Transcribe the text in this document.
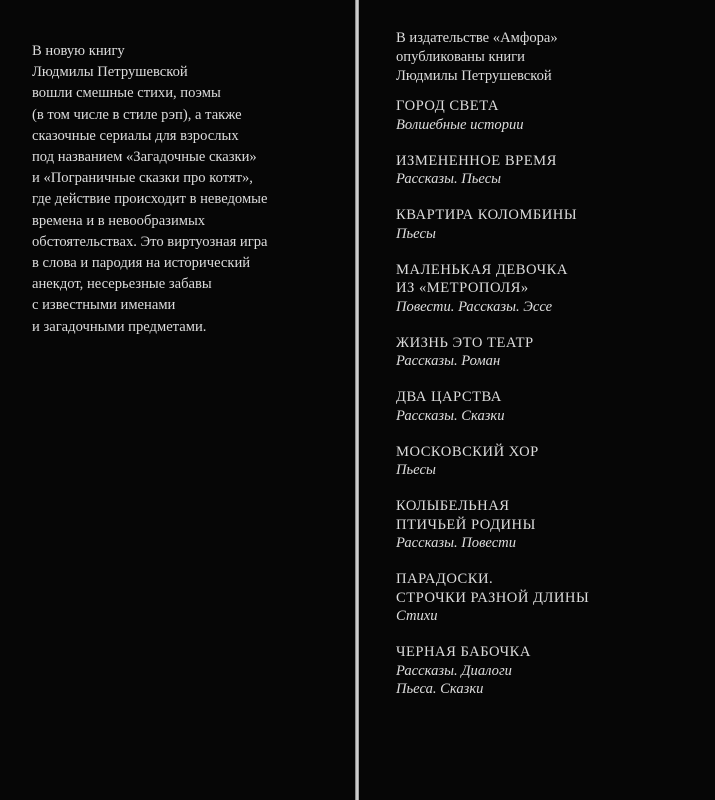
В новую книгу
Людмилы Петрушевской
вошли смешные стихи, поэмы
(в том числе в стиле рэп), а также
сказочные сериалы для взрослых
под названием «Загадочные сказки»
и «Пограничные сказки про котят»,
где действие происходит в неведомые
времена и в невообразимых
обстоятельствах. Это виртуозная игра
в слова и пародия на исторический
анекдот, несерьезные забавы
с известными именами
и загадочными предметами.

В издательстве «Амфора»
опубликованы книги
Людмилы Петрушевской

ГОРОД СВЕТА
Волшебные истории
ИЗМЕНЕННОЕ ВРЕМЯ
Рассказы. Пьесы
КВАРТИРА КОЛОМБИНЫ
Пьесы
МАЛЕНЬКАЯ ДЕВОЧКА
ИЗ «МЕТРОПОЛЯ»
Повести. Рассказы. Эссе
ЖИЗНЬ ЭТО ТЕАТР
Рассказы. Роман
ДВА ЦАРСТВА
Рассказы. Сказки
МОСКОВСКИЙ ХОР
Пьесы
КОЛЫБЕЛЬНАЯ
ПТИЧЬЕЙ РОДИНЫ
Рассказы. Повести
ПАРАДОСКИ.
СТРОЧКИ РАЗНОЙ ДЛИНЫ
Стихи
ЧЕРНАЯ БАБОЧКА
Рассказы. Диалоги
Пьеса. Сказки
